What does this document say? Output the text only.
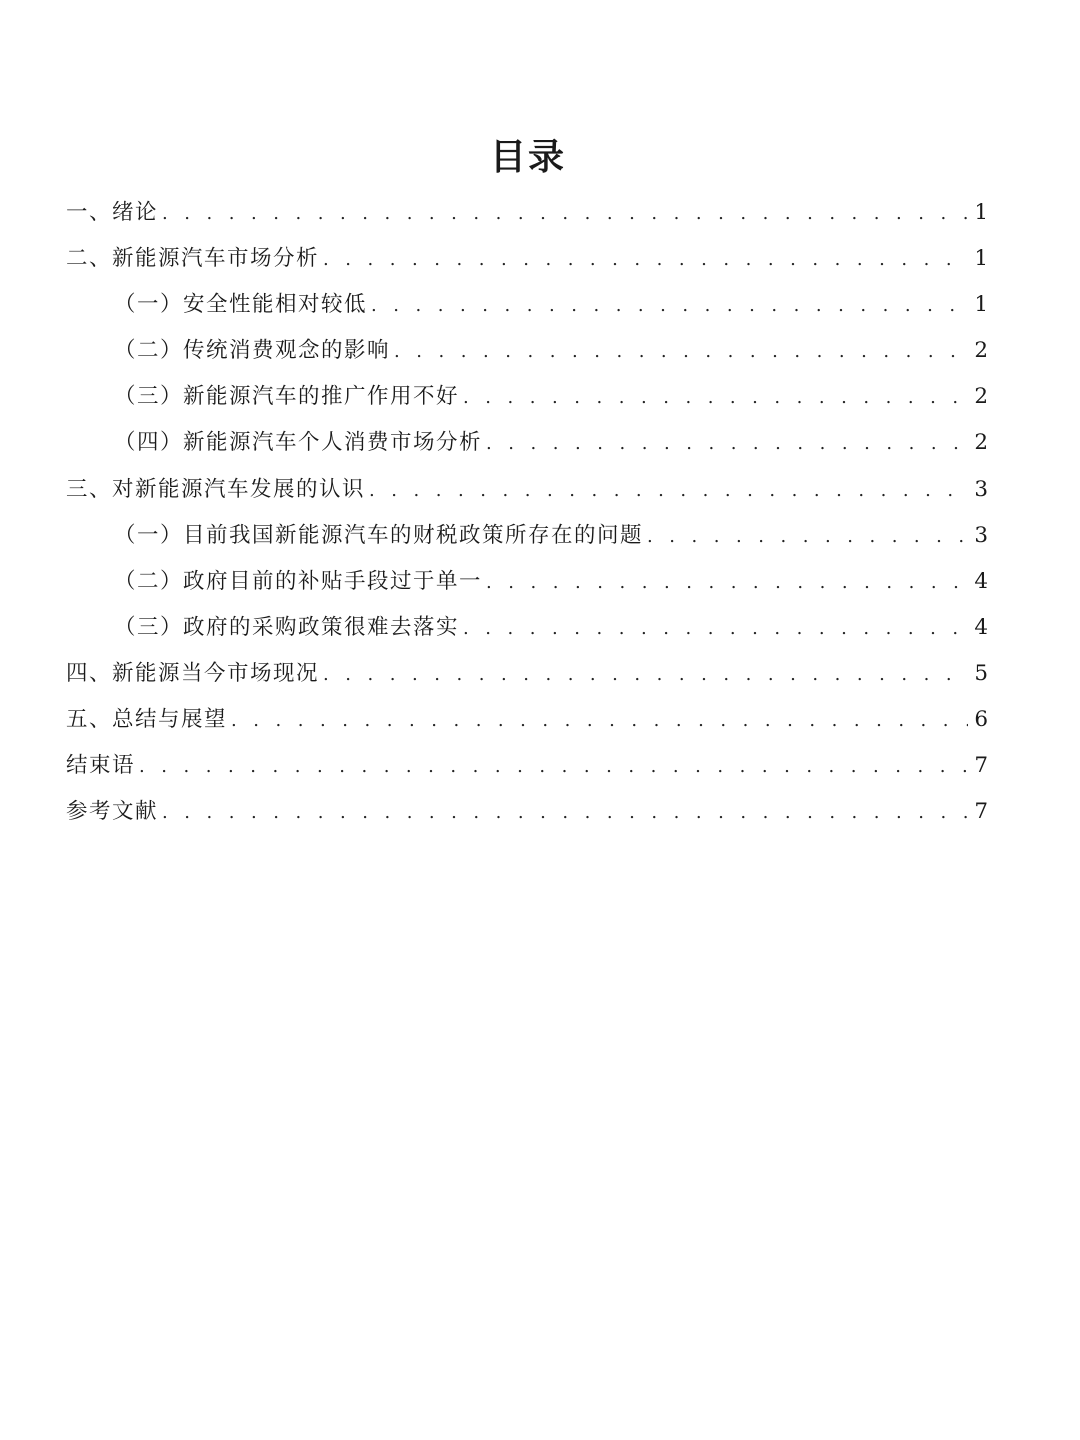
目录
一、绪论 . . .	1
二、新能源汽车市场分析 . . .	1
（一）安全性能相对较低 . . .	1
（二）传统消费观念的影响 . . .	2
（三）新能源汽车的推广作用不好 . . .	2
（四）新能源汽车个人消费市场分析 . . .	2
三、对新能源汽车发展的认识 . . .	3
（一）目前我国新能源汽车的财税政策所存在的问题 . . .	3
（二）政府目前的补贴手段过于单一 . . .	4
（三）政府的采购政策很难去落实 . . .	4
四、新能源当今市场现况 . . .	5
五、总结与展望 . . .	6
结束语 . . .	7
参考文献 . . .	7
